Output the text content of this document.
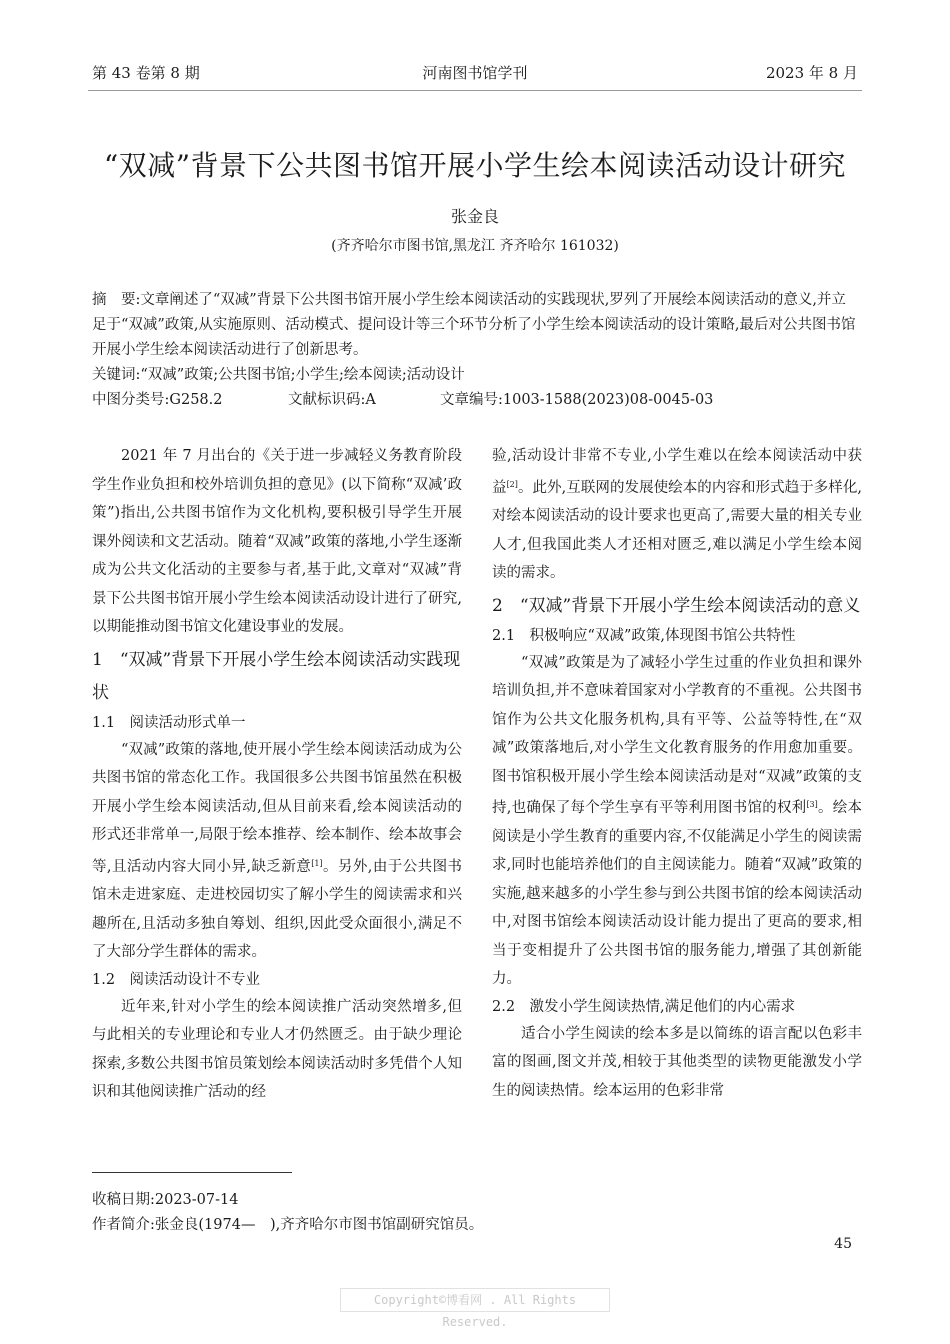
第 43 卷第 8 期	河南图书馆学刊	2023 年 8 月
“双减”背景下公共图书馆开展小学生绘本阅读活动设计研究
张金良
(齐齐哈尔市图书馆,黑龙江 齐齐哈尔 161032)

摘　要:文章阐述了“双减”背景下公共图书馆开展小学生绘本阅读活动的实践现状,罗列了开展绘本阅读活动的意义,并立足于“双减”政策,从实施原则、活动模式、提问设计等三个环节分析了小学生绘本阅读活动的设计策略,最后对公共图书馆开展小学生绘本阅读活动进行了创新思考。

关键词:“双减”政策;公共图书馆;小学生;绘本阅读;活动设计

中图分类号:G258.2	文献标识码:A	文章编号:1003-1588(2023)08-0045-03

2021 年 7 月出台的《关于进一步减轻义务教育阶段学生作业负担和校外培训负担的意见》(以下简称“双减’政策”)指出,公共图书馆作为文化机构,要积极引导学生开展课外阅读和文艺活动。随着“双减”政策的落地,小学生逐渐成为公共文化活动的主要参与者,基于此,文章对“双减”背景下公共图书馆开展小学生绘本阅读活动设计进行了研究,以期能推动图书馆文化建设事业的发展。

1　“双减”背景下开展小学生绘本阅读活动实践现状
1.1　阅读活动形式单一

“双减”政策的落地,使开展小学生绘本阅读活动成为公共图书馆的常态化工作。我国很多公共图书馆虽然在积极开展小学生绘本阅读活动,但从目前来看,绘本阅读活动的形式还非常单一,局限于绘本推荐、绘本制作、绘本故事会等,且活动内容大同小异,缺乏新意[1]。另外,由于公共图书馆未走进家庭、走进校园切实了解小学生的阅读需求和兴趣所在,且活动多独自筹划、组织,因此受众面很小,满足不了大部分学生群体的需求。

1.2　阅读活动设计不专业

近年来,针对小学生的绘本阅读推广活动突然增多,但与此相关的专业理论和专业人才仍然匮乏。由于缺少理论探索,多数公共图书馆员策划绘本阅读活动时多凭借个人知识和其他阅读推广活动的经

验,活动设计非常不专业,小学生难以在绘本阅读活动中获益[2]。此外,互联网的发展使绘本的内容和形式趋于多样化,对绘本阅读活动的设计要求也更高了,需要大量的相关专业人才,但我国此类人才还相对匮乏,难以满足小学生绘本阅读的需求。

2　“双减”背景下开展小学生绘本阅读活动的意义
2.1　积极响应“双减”政策,体现图书馆公共特性

“双减”政策是为了减轻小学生过重的作业负担和课外培训负担,并不意味着国家对小学教育的不重视。公共图书馆作为公共文化服务机构,具有平等、公益等特性,在“双减”政策落地后,对小学生文化教育服务的作用愈加重要。图书馆积极开展小学生绘本阅读活动是对“双减”政策的支持,也确保了每个学生享有平等利用图书馆的权利[3]。绘本阅读是小学生教育的重要内容,不仅能满足小学生的阅读需求,同时也能培养他们的自主阅读能力。随着“双减”政策的实施,越来越多的小学生参与到公共图书馆的绘本阅读活动中,对图书馆绘本阅读活动设计能力提出了更高的要求,相当于变相提升了公共图书馆的服务能力,增强了其创新能力。

2.2　激发小学生阅读热情,满足他们的内心需求

适合小学生阅读的绘本多是以简练的语言配以色彩丰富的图画,图文并茂,相较于其他类型的读物更能激发小学生的阅读热情。绘本运用的色彩非常

收稿日期:2023-07-14

作者简介:张金良(1974—　),齐齐哈尔市图书馆副研究馆员。

45
Copyright©博看网 . All Rights Reserved.
